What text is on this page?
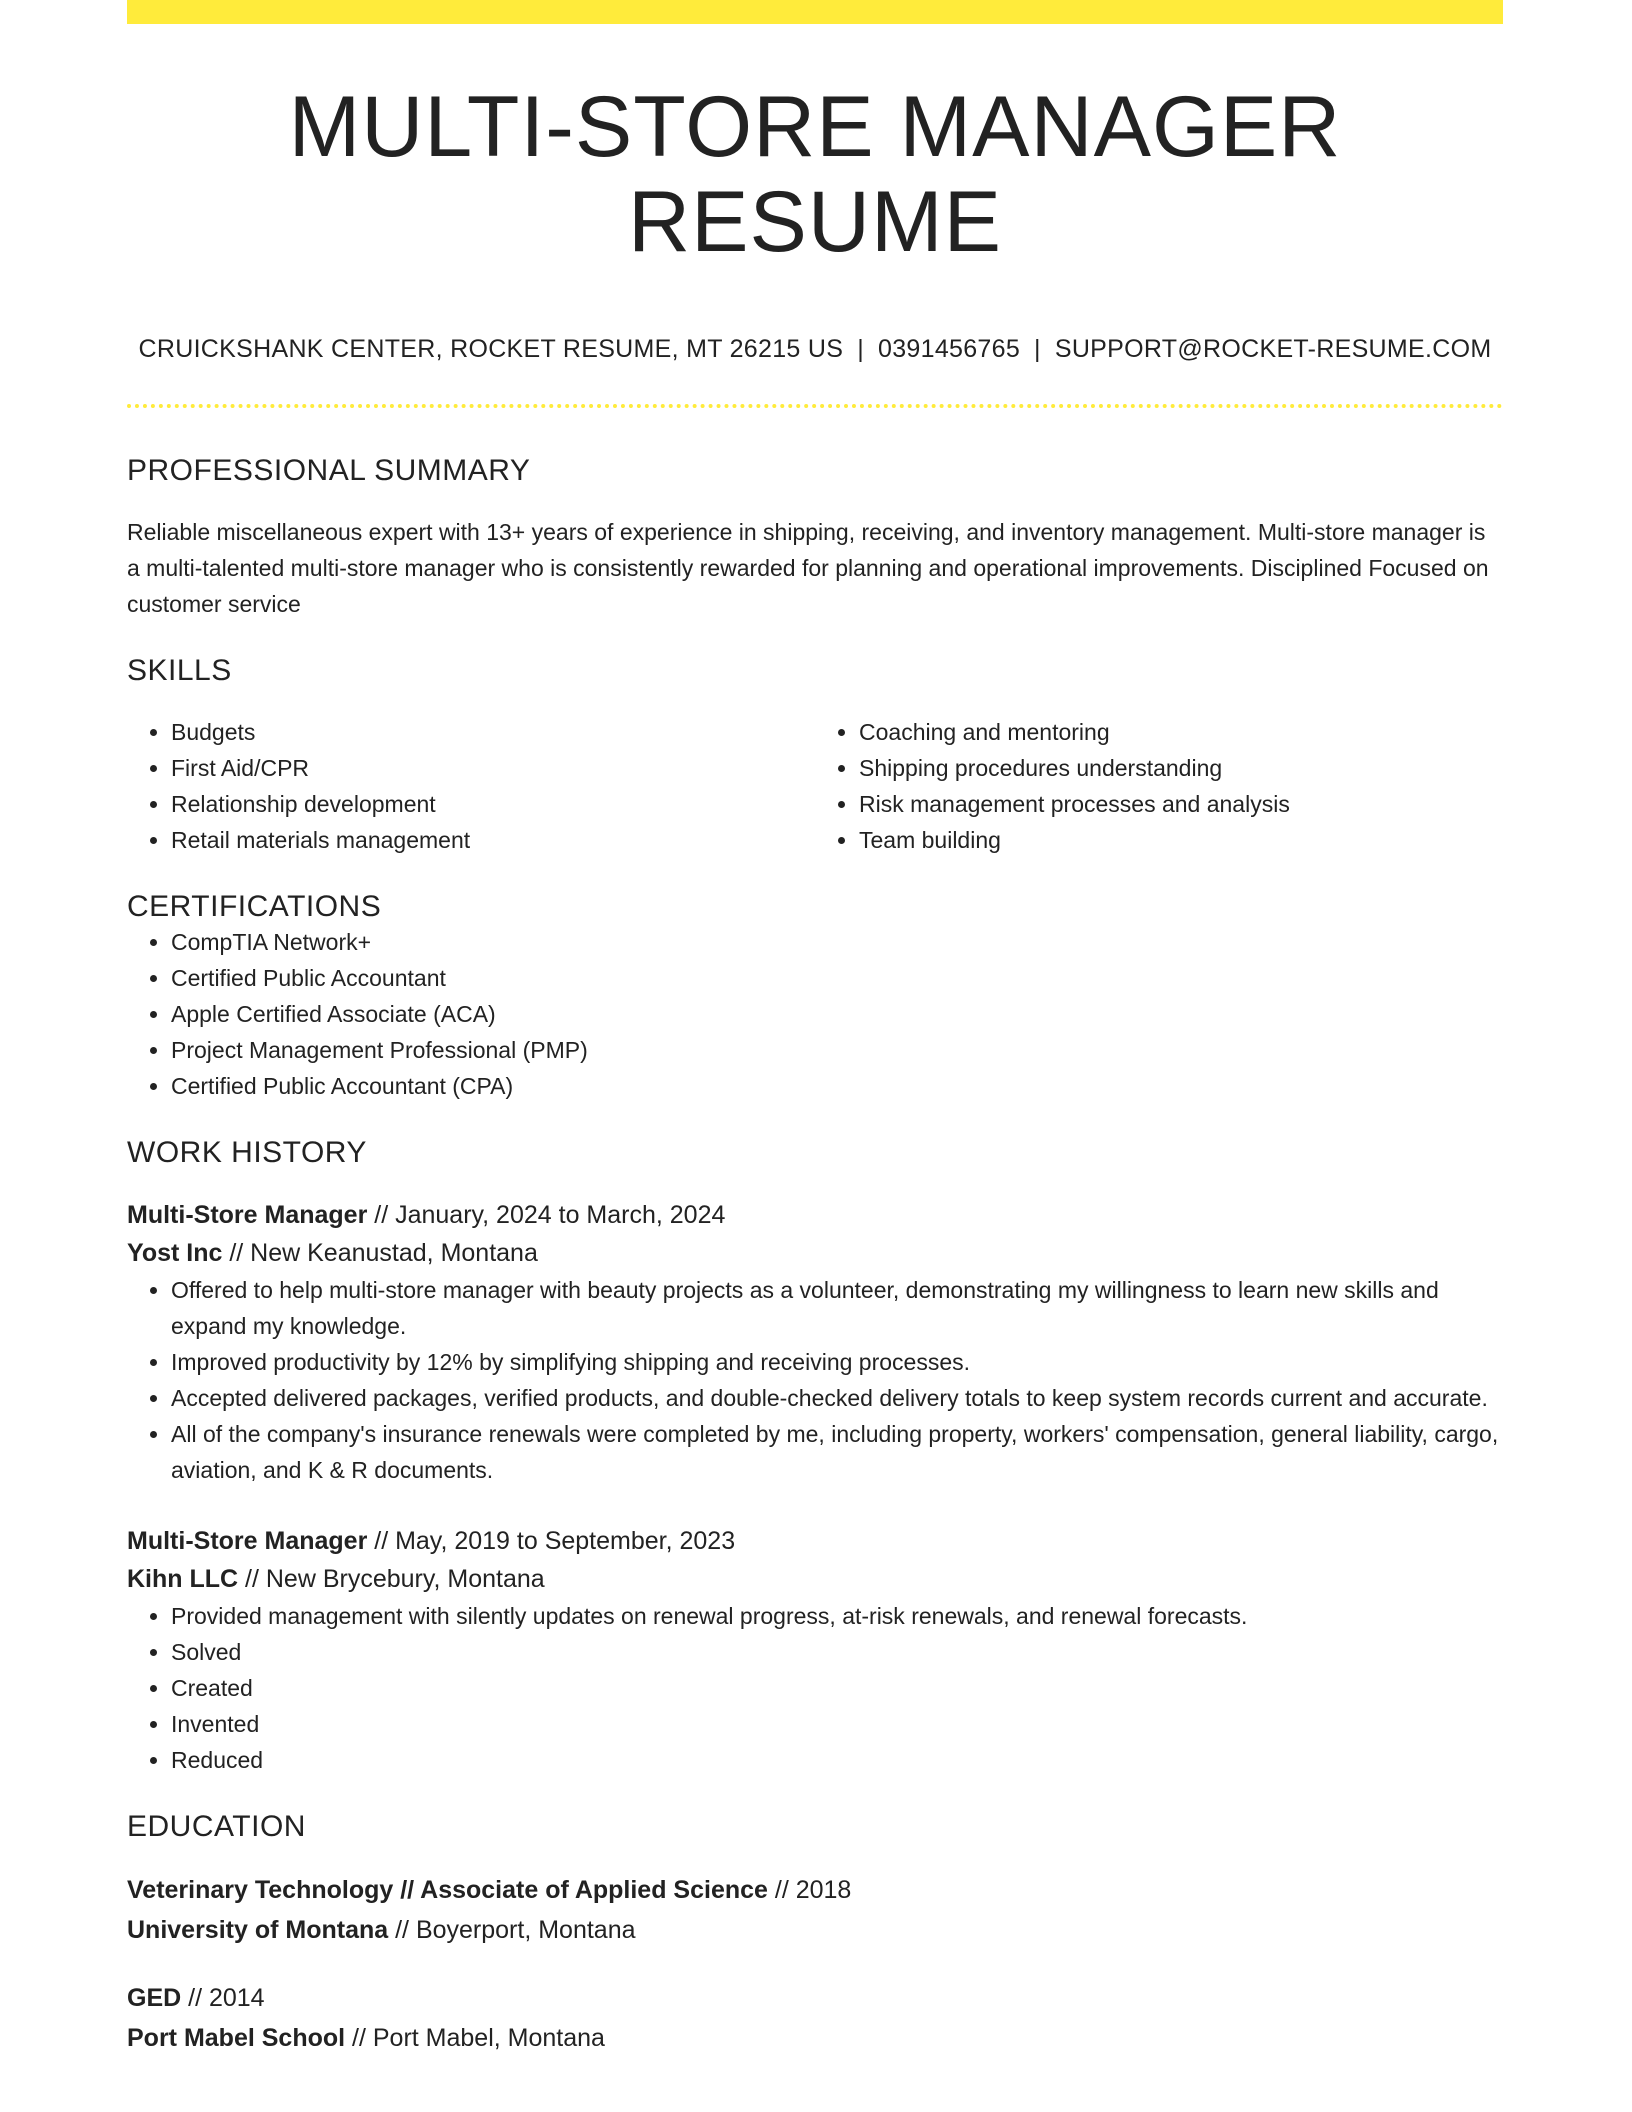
MULTI-STORE MANAGER RESUME
CRUICKSHANK CENTER, ROCKET RESUME, MT 26215 US | 0391456765 | SUPPORT@ROCKET-RESUME.COM
PROFESSIONAL SUMMARY
Reliable miscellaneous expert with 13+ years of experience in shipping, receiving, and inventory management. Multi-store manager is a multi-talented multi-store manager who is consistently rewarded for planning and operational improvements. Disciplined Focused on customer service
SKILLS
• Budgets
• First Aid/CPR
• Relationship development
• Retail materials management
• Coaching and mentoring
• Shipping procedures understanding
• Risk management processes and analysis
• Team building
CERTIFICATIONS
• CompTIA Network+
• Certified Public Accountant
• Apple Certified Associate (ACA)
• Project Management Professional (PMP)
• Certified Public Accountant (CPA)
WORK HISTORY
Multi-Store Manager // January, 2024 to March, 2024
Yost Inc // New Keanustad, Montana
• Offered to help multi-store manager with beauty projects as a volunteer, demonstrating my willingness to learn new skills and expand my knowledge.
• Improved productivity by 12% by simplifying shipping and receiving processes.
• Accepted delivered packages, verified products, and double-checked delivery totals to keep system records current and accurate.
• All of the company's insurance renewals were completed by me, including property, workers' compensation, general liability, cargo, aviation, and K & R documents.
Multi-Store Manager // May, 2019 to September, 2023
Kihn LLC // New Brycebury, Montana
• Provided management with silently updates on renewal progress, at-risk renewals, and renewal forecasts.
• Solved
• Created
• Invented
• Reduced
EDUCATION
Veterinary Technology // Associate of Applied Science // 2018
University of Montana // Boyerport, Montana
GED // 2014
Port Mabel School // Port Mabel, Montana
